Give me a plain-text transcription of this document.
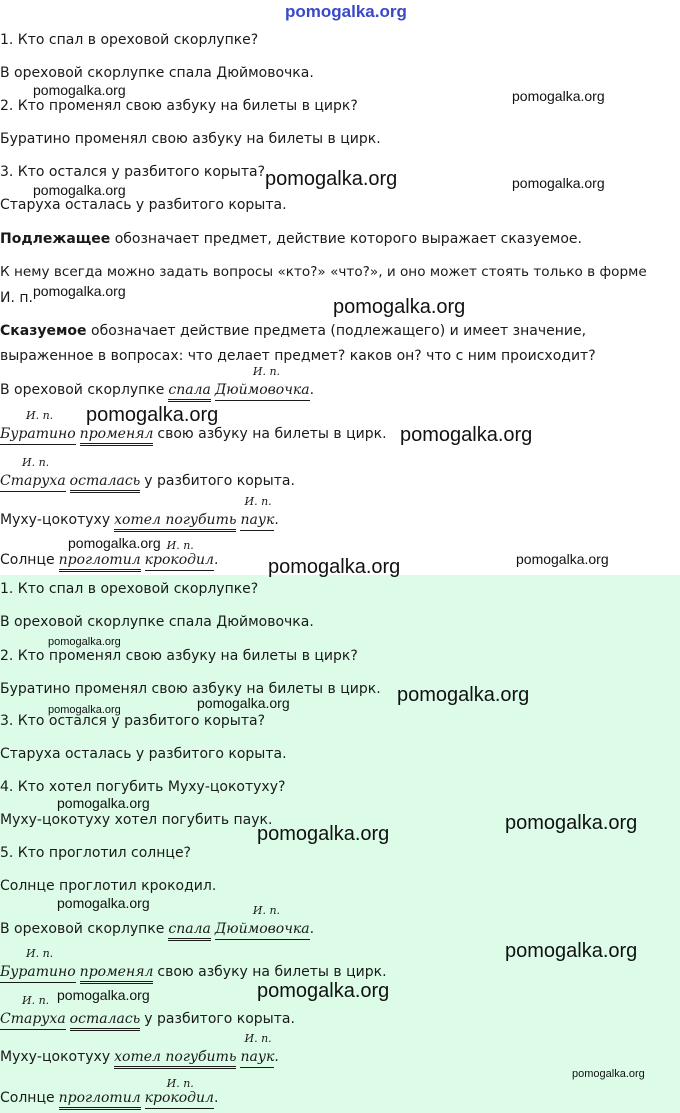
pomogalka.org
1. Кто спал в ореховой скорлупке?
В ореховой скорлупке спала Дюймовочка.
2. Кто променял свою азбуку на билеты в цирк?
Буратино променял свою азбуку на билеты в цирк.
3. Кто остался у разбитого корыта?
Старуха осталась у разбитого корыта.
Подлежащее обозначает предмет, действие которого выражает сказуемое.
К нему всегда можно задать вопросы «кто?» «что?», и оно может стоять только в форме
И. п.
Сказуемое обозначает действие предмета (подлежащего) и имеет значение,
выраженное в вопросах: что делает предмет? каков он? что с ним происходит?
В ореховой скорлупке спала
И. п.
Дюймовочка.
И. п.
Буратино променял свою азбуку на билеты в цирк.
И. п.
Старуха осталась у разбитого корыта.
Муху-цокотуху хотел погубить
И. п.
паук.
Солнце проглотил
И. п.
крокодил.
1. Кто спал в ореховой скорлупке?
В ореховой скорлупке спала Дюймовочка.
2. Кто променял свою азбуку на билеты в цирк?
Буратино променял свою азбуку на билеты в цирк.
3. Кто остался у разбитого корыта?
Старуха осталась у разбитого корыта.
4. Кто хотел погубить Муху-цокотуху?
Муху-цокотуху хотел погубить паук.
5. Кто проглотил солнце?
Солнце проглотил крокодил.
В ореховой скорлупке спала
И. п.
Дюймовочка.
И. п.
Буратино променял свою азбуку на билеты в цирк.
И. п.
Старуха осталась у разбитого корыта.
Муху-цокотуху хотел погубить
И. п.
паук.
Солнце проглотил
И. п.
крокодил.
pomogalka.org	pomogalka.org
pomogalka.org	pomogalka.org
pomogalka.org
pomogalka.org
pomogalka.org
pomogalka.org
pomogalka.org
pomogalka.org
pomogalka.org
pomogalka.org
pomogalka.org
pomogalka.org
pomogalka.org
pomogalka.org
pomogalka.org
pomogalka.org
pomogalka.org
pomogalka.org
pomogalka.org
pomogalka.org
pomogalka.org
pomogalka.org
